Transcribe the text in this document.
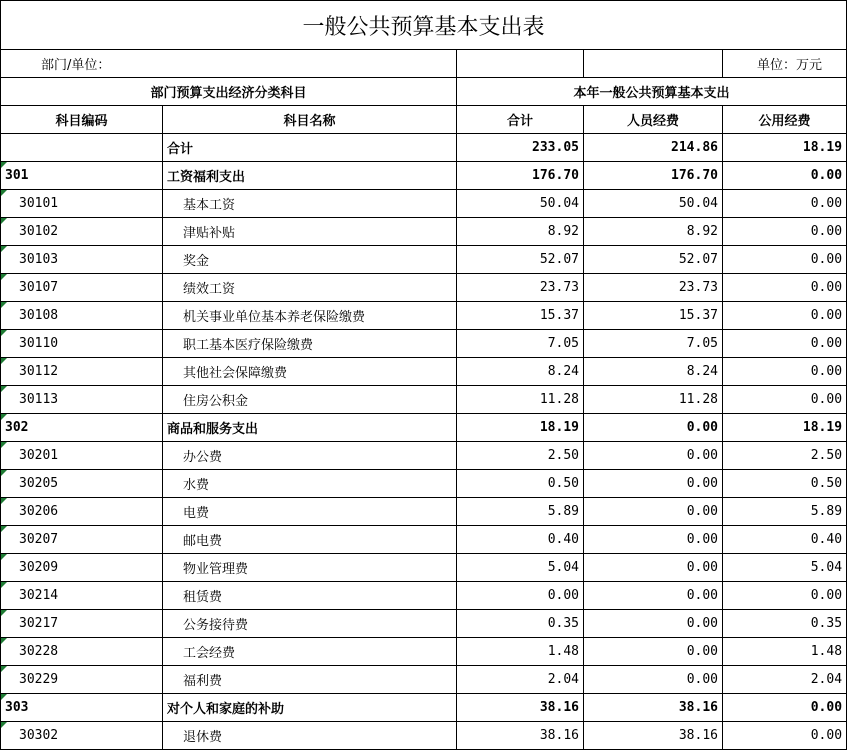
一般公共预算基本支出表				
部门/单位：				单位：万元
部门预算支出经济分类科目		本年一般公共预算基本支出		
科目编码	科目名称	合计	人员经费	公用经费
	合计	233.05	214.86	18.19
301	工资福利支出	176.70	176.70	0.00
30101	基本工资	50.04	50.04	0.00
30102	津贴补贴	8.92	8.92	0.00
30103	奖金	52.07	52.07	0.00
30107	绩效工资	23.73	23.73	0.00
30108	机关事业单位基本养老保险缴费	15.37	15.37	0.00
30110	职工基本医疗保险缴费	7.05	7.05	0.00
30112	其他社会保障缴费	8.24	8.24	0.00
30113	住房公积金	11.28	11.28	0.00
302	商品和服务支出	18.19	0.00	18.19
30201	办公费	2.50	0.00	2.50
30205	水费	0.50	0.00	0.50
30206	电费	5.89	0.00	5.89
30207	邮电费	0.40	0.00	0.40
30209	物业管理费	5.04	0.00	5.04
30214	租赁费	0.00	0.00	0.00
30217	公务接待费	0.35	0.00	0.35
30228	工会经费	1.48	0.00	1.48
30229	福利费	2.04	0.00	2.04
303	对个人和家庭的补助	38.16	38.16	0.00
30302	退休费	38.16	38.16	0.00
